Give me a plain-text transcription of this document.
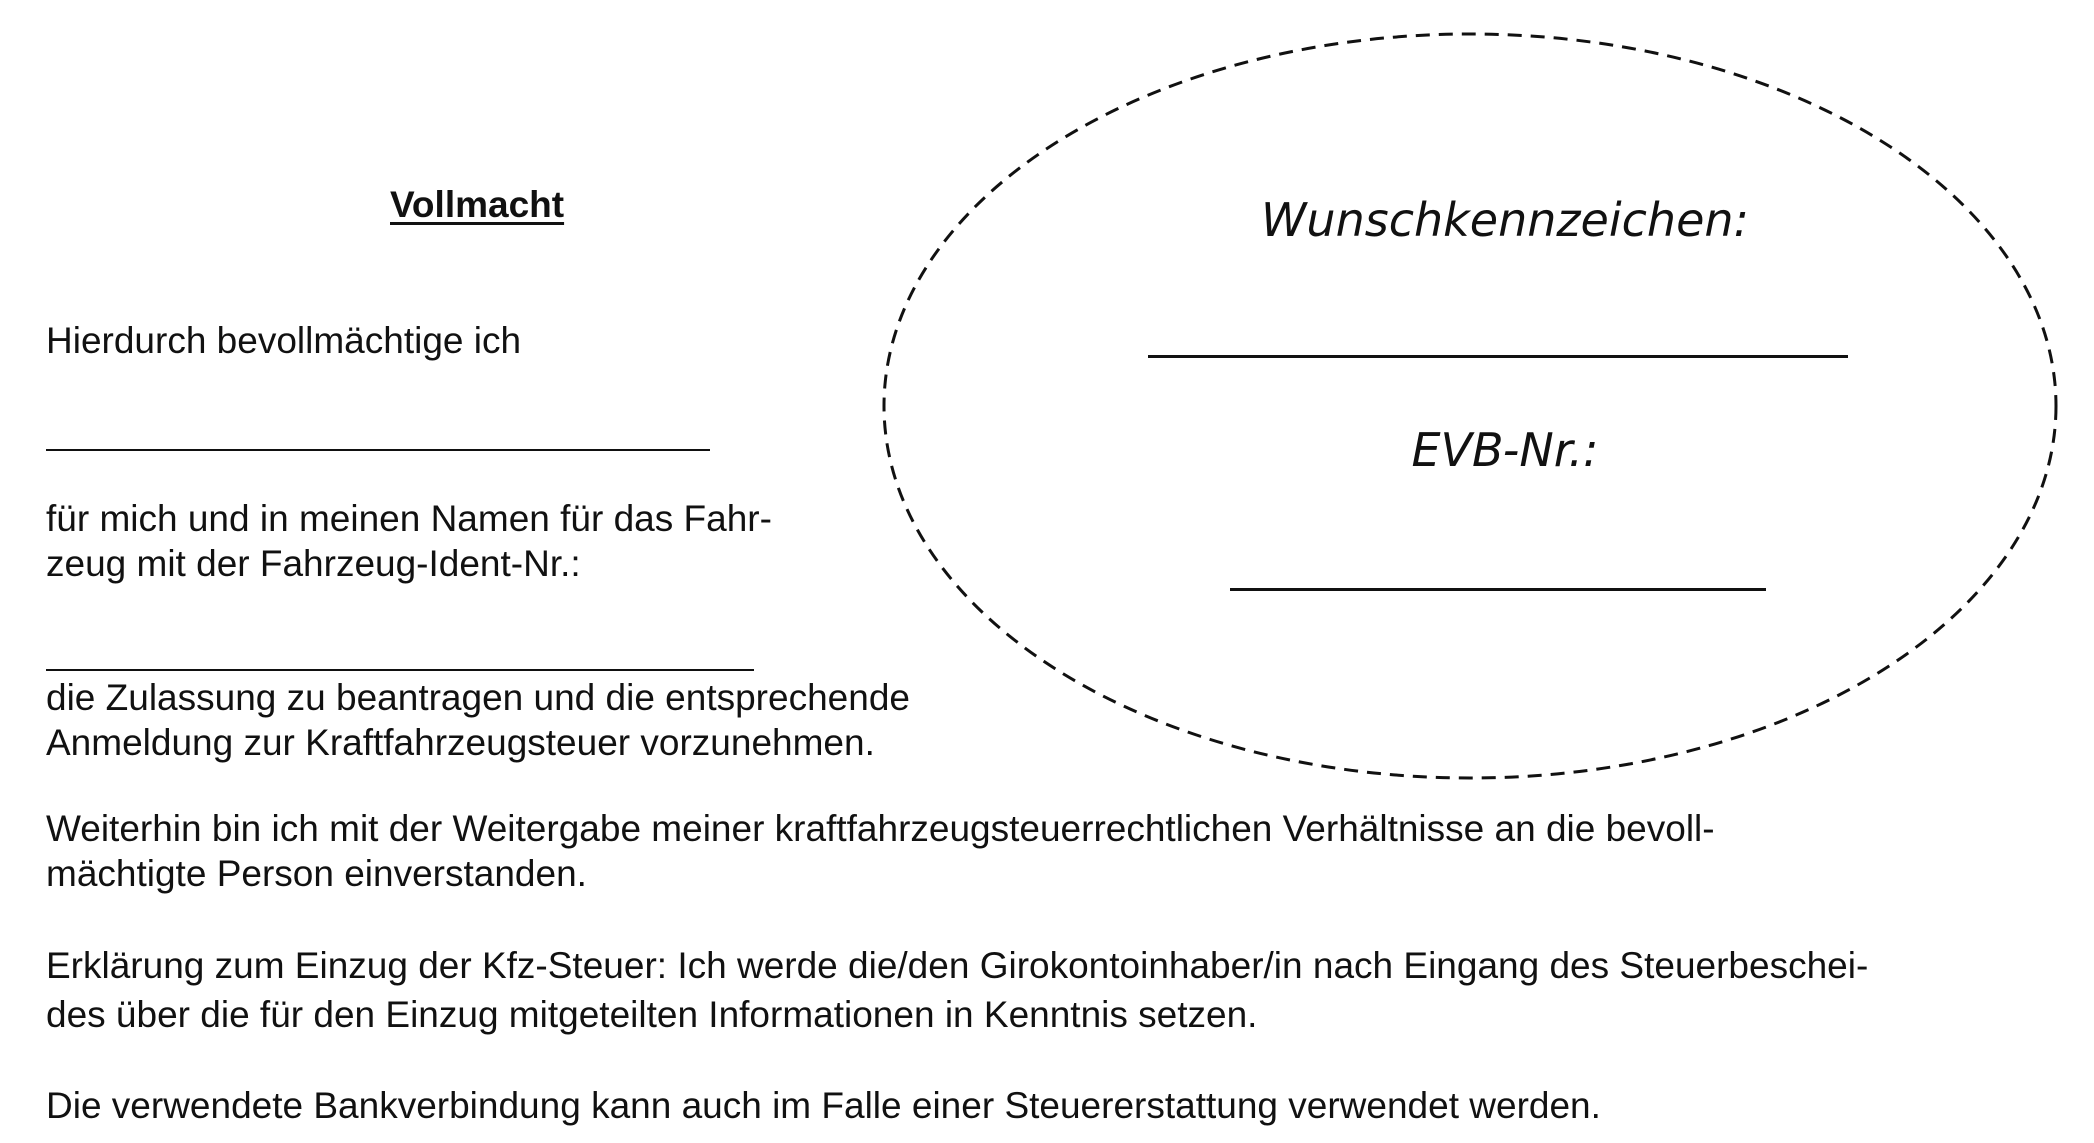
Vollmacht

Hierdurch bevollmächtige ich

für mich und in meinen Namen für das Fahr-

zeug mit der Fahrzeug-Ident-Nr.:

die Zulassung zu beantragen und die entsprechende

Anmeldung zur Kraftfahrzeugsteuer vorzunehmen.

Weiterhin bin ich mit der Weitergabe meiner kraftfahrzeugsteuerrechtlichen Verhältnisse an die bevoll-

mächtigte Person einverstanden.

Erklärung zum Einzug der Kfz-Steuer: Ich werde die/den Girokontoinhaber/in nach Eingang des Steuerbeschei-

des über die für den Einzug mitgeteilten Informationen in Kenntnis setzen.

Die verwendete Bankverbindung kann auch im Falle einer Steuererstattung verwendet werden.

Wunschkennzeichen:

EVB-Nr.:
